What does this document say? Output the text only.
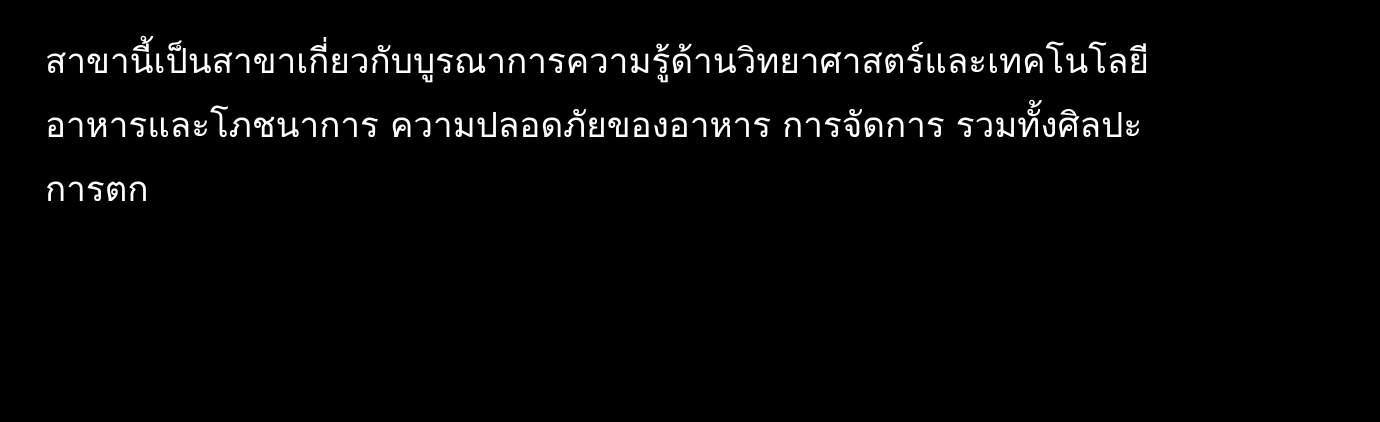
สาขานี้เป็นสาขาเกี่ยวกับบูรณาการความรู้ด้านวิทยาศาสตร์และเทคโนโลยี
อาหารและโภชนาการ ความปลอดภัยของอาหาร การจัดการ รวมทั้งศิลปะ
การตก
